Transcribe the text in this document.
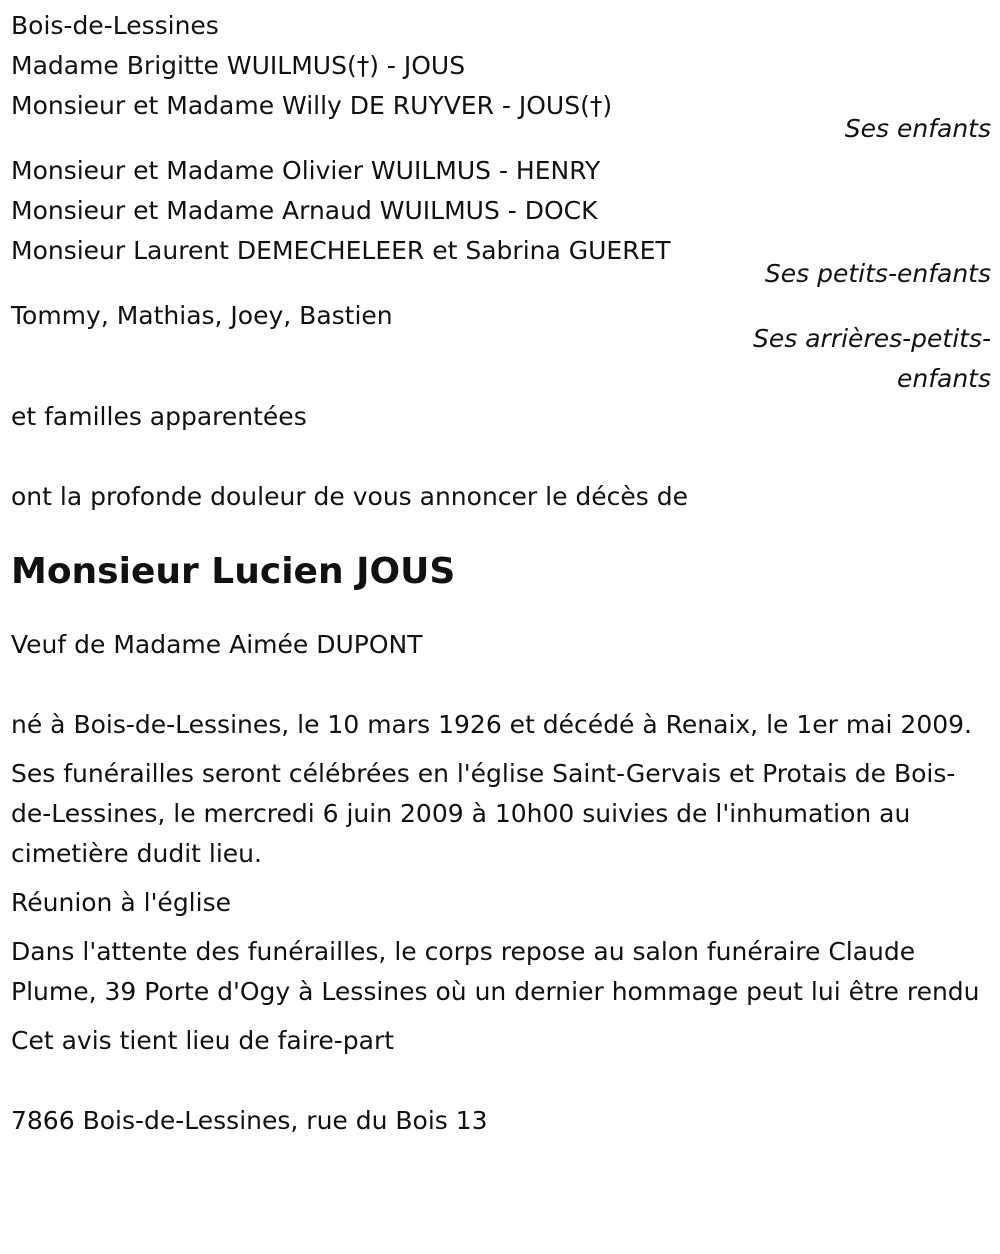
Bois-de-Lessines
Madame Brigitte WUILMUS(†) - JOUS
Monsieur et Madame Willy DE RUYVER - JOUS(†)
Ses enfants
Monsieur et Madame Olivier WUILMUS - HENRY
Monsieur et Madame Arnaud WUILMUS - DOCK
Monsieur Laurent DEMECHELEER et Sabrina GUERET
Ses petits-enfants
Tommy, Mathias, Joey, Bastien
Ses arrières-petits-
enfants
et familles apparentées
ont la profonde douleur de vous annoncer le décès de
Monsieur Lucien JOUS
Veuf de Madame Aimée DUPONT
né à Bois-de-Lessines, le 10 mars 1926 et décédé à Renaix, le 1er mai 2009.
Ses funérailles seront célébrées en l'église Saint-Gervais et Protais de Bois-de-Lessines, le mercredi 6 juin 2009 à 10h00 suivies de l'inhumation au cimetière dudit lieu.
Réunion à l'église
Dans l'attente des funérailles, le corps repose au salon funéraire Claude Plume, 39 Porte d'Ogy à Lessines où un dernier hommage peut lui être rendu
Cet avis tient lieu de faire-part
7866 Bois-de-Lessines, rue du Bois 13
